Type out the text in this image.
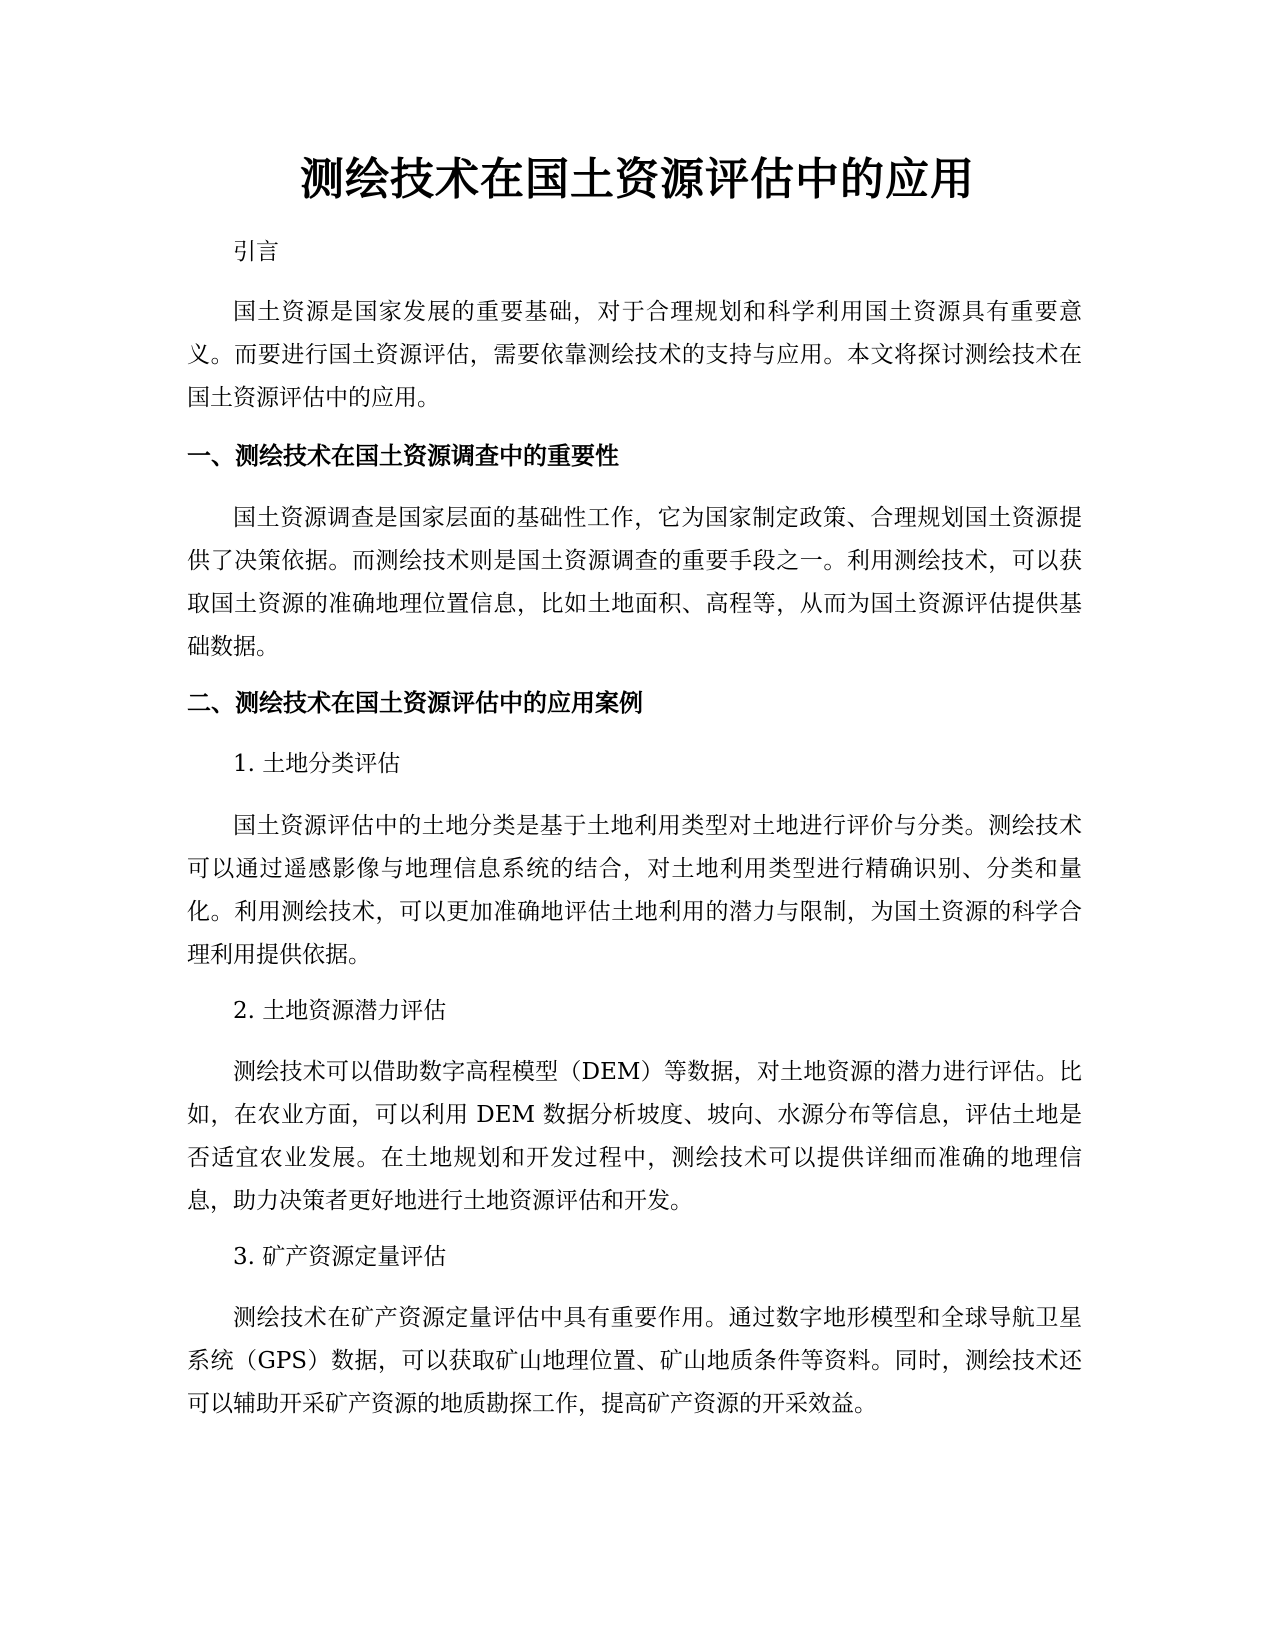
测绘技术在国土资源评估中的应用

引言

国土资源是国家发展的重要基础，对于合理规划和科学利用国土资源具有重要意义。而要进行国土资源评估，需要依靠测绘技术的支持与应用。本文将探讨测绘技术在国土资源评估中的应用。

一、测绘技术在国土资源调查中的重要性

国土资源调查是国家层面的基础性工作，它为国家制定政策、合理规划国土资源提供了决策依据。而测绘技术则是国土资源调查的重要手段之一。利用测绘技术，可以获取国土资源的准确地理位置信息，比如土地面积、高程等，从而为国土资源评估提供基础数据。

二、测绘技术在国土资源评估中的应用案例

1. 土地分类评估

国土资源评估中的土地分类是基于土地利用类型对土地进行评价与分类。测绘技术可以通过遥感影像与地理信息系统的结合，对土地利用类型进行精确识别、分类和量化。利用测绘技术，可以更加准确地评估土地利用的潜力与限制，为国土资源的科学合理利用提供依据。

2. 土地资源潜力评估

测绘技术可以借助数字高程模型（DEM）等数据，对土地资源的潜力进行评估。比如，在农业方面，可以利用 DEM 数据分析坡度、坡向、水源分布等信息，评估土地是否适宜农业发展。在土地规划和开发过程中，测绘技术可以提供详细而准确的地理信息，助力决策者更好地进行土地资源评估和开发。

3. 矿产资源定量评估

测绘技术在矿产资源定量评估中具有重要作用。通过数字地形模型和全球导航卫星系统（GPS）数据，可以获取矿山地理位置、矿山地质条件等资料。同时，测绘技术还可以辅助开采矿产资源的地质勘探工作，提高矿产资源的开采效益。
